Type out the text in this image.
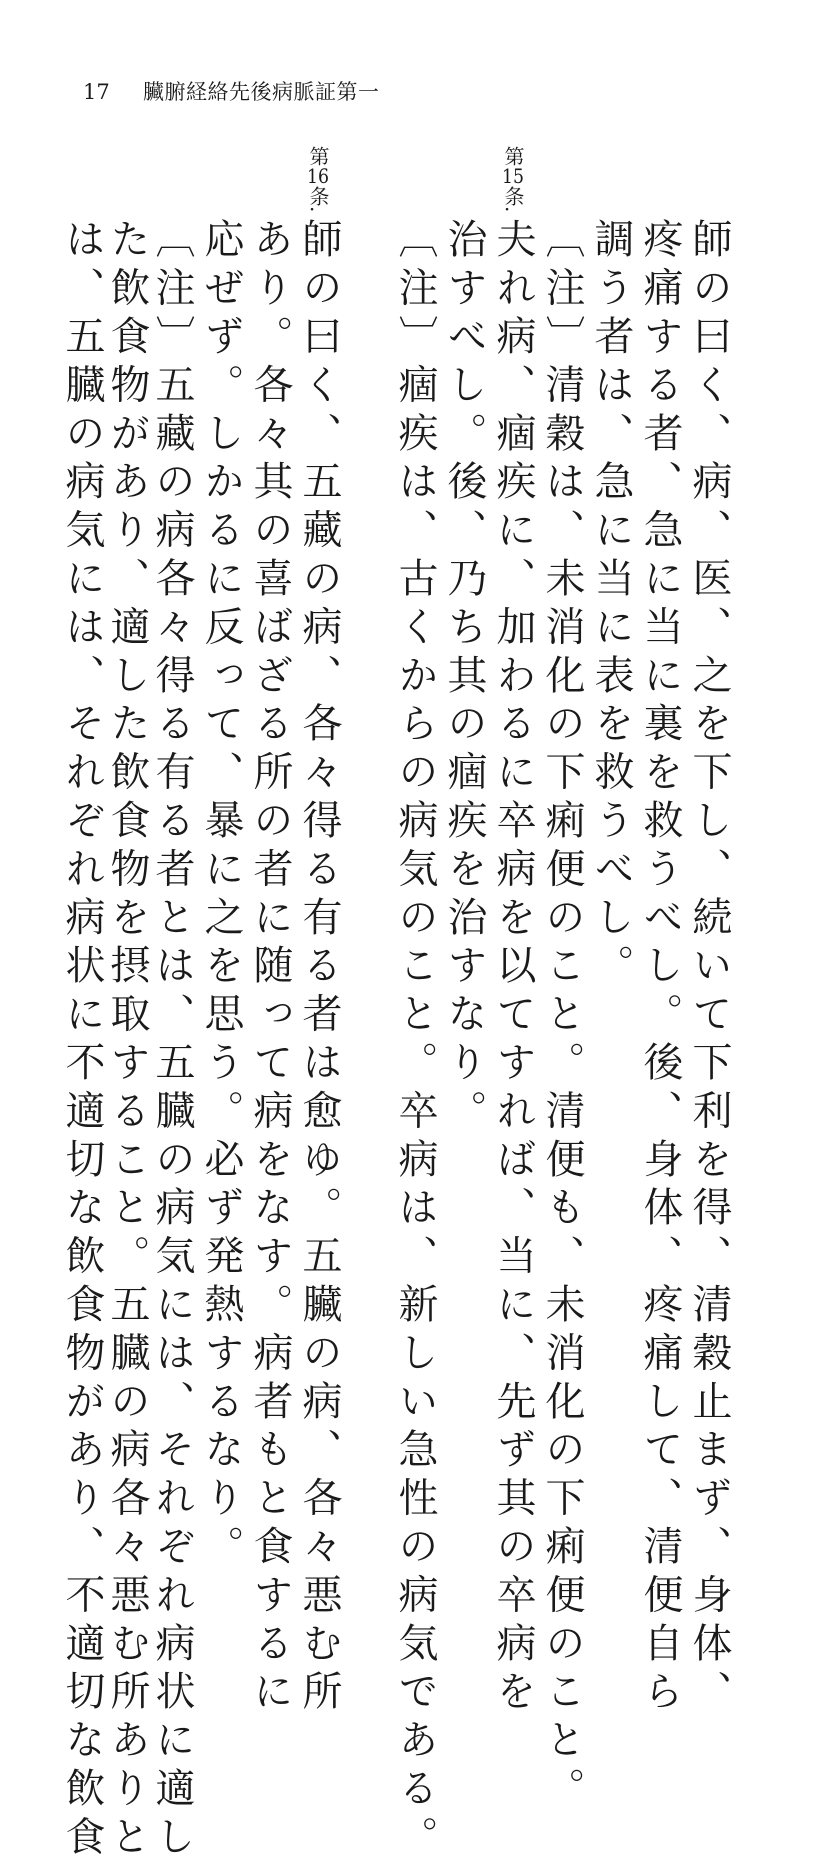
17 臟腑経絡先後病脈証第一
師の曰く、病、医、之を下し、続いて下利を得、清穀止まず、身体、
疼痛する者、急に当に裏を救うべし。後、身体、疼痛して、清便自ら
調う者は、急に当に表を救うべし。
〔注〕清穀は、未消化の下痢便のこと。清便も、未消化の下痢便のこと。
第15条.
夫れ病、痼疾に、加わるに卒病を以てすれば、当に、先ず其の卒病を
治すべし。後、乃ち其の痼疾を治すなり。
〔注〕痼疾は、古くからの病気のこと。卒病は、新しい急性の病気である。
第16条.
師の曰く、五藏の病、各々得る有る者は愈ゆ。五臟の病、各々悪む所
あり。各々其の喜ばざる所の者に随って病をなす。病者もと食するに
応ぜず。しかるに反って、暴に之を思う。必ず発熱するなり。
〔注〕五藏の病各々得る有る者とは、五臓の病気には、それぞれ病状に適し
た飲食物があり、適した飲食物を摂取すること。五臓の病各々悪む所ありと
は、五臓の病気には、それぞれ病状に不適切な飲食物があり、不適切な飲食
